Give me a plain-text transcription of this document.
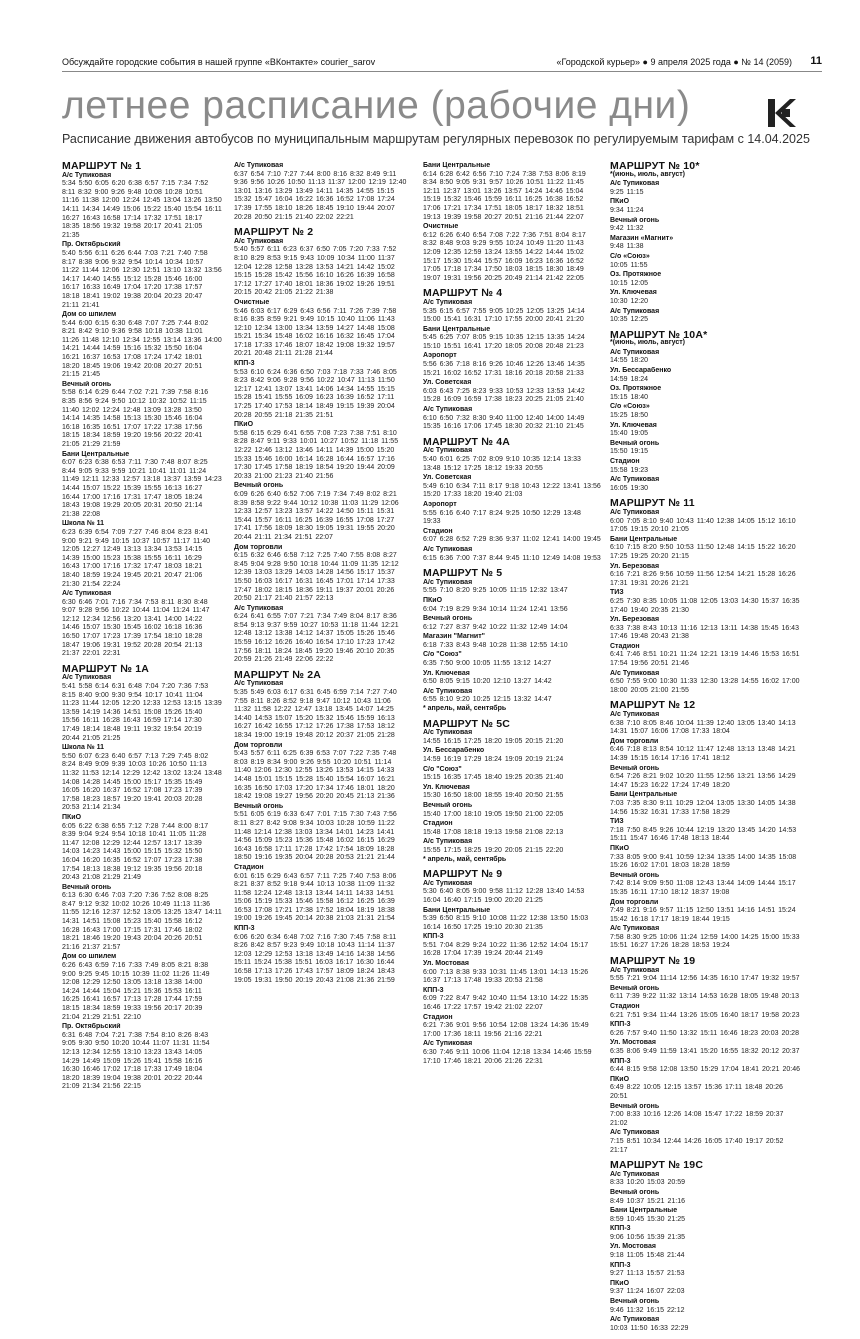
Обсуждайте городские события в нашей группе «ВКонтакте» courier_sarov	«Городской курьер» ● 9 апреля 2025 года ● № 14 (2059) 11
летнее расписание (рабочие дни)
Расписание движения автобусов по муниципальным маршрутам регулярных перевозок по регулируемым тарифам с 14.04.2025
МАРШРУТ № 1
А/с Тупиковая
5:34 5:50 6:05 6:20 6:38 6:57 7:15 7:34 7:52 8:11 8:32 9:00 9:26 9:48 10:08 10:28 10:51 11:16 11:38 12:00 12:24 12:45 13:04 13:26 13:50 14:11 14:34 14:49 15:06 15:22 15:40 15:54 16:11 16:27 16:43 16:58 17:14 17:32 17:51 18:17 18:35 18:56 19:32 19:58 20:17 20:41 21:05 21:35
Пр. Октябрьский
5:40 5:56 6:11 6:26 6:44 7:03 7:21 7:40 7:58 8:17 8:38 9:06 9:32 9:54 10:14 10:34 10:57 11:22 11:44 12:06 12:30 12:51 13:10 13:32 13:56 14:17 14:40 14:55 15:12 15:28 15:46 16:00 16:17 16:33 16:49 17:04 17:20 17:38 17:57 18:18 18:41 19:02 19:38 20:04 20:23 20:47 21:11 21:41
Дом со шпилем
5:44 6:00 6:15 6:30 6:48 7:07 7:25 7:44 8:02 8:21 8:42 9:10 9:36 9:58 10:18 10:38 11:01 11:26 11:48 12:10 12:34 12:55 13:14 13:36 14:00 14:21 14:44 14:59 15:16 15:32 15:50 16:04 16:21 16:37 16:53 17:08 17:24 17:42 18:01 18:20 18:45 19:06 19:42 20:08 20:27 20:51 21:15 21:45
Вечный огонь
5:58 6:14 6:29 6:44 7:02 7:21 7:39 7:58 8:16 8:35 8:56 9:24 9:50 10:12 10:32 10:52 11:15 11:40 12:02 12:24 12:48 13:09 13:28 13:50 14:14 14:35 14:58 15:13 15:30 15:46 16:04 16:18 16:35 16:51 17:07 17:22 17:38 17:56 18:15 18:34 18:59 19:20 19:56 20:22 20:41 21:05 21:29 21:59
Бани Центральные
6:07 6:23 6:38 6:53 7:11 7:30 7:48 8:07 8:25 8:44 9:05 9:33 9:59 10:21 10:41 11:01 11:24 11:49 12:11 12:33 12:57 13:18 13:37 13:59 14:23 14:44 15:07 15:22 15:39 15:55 16:13 16:27 16:44 17:00 17:16 17:31 17:47 18:05 18:24 18:43 19:08 19:29 20:05 20:31 20:50 21:14 21:38 22:08
Школа № 11
6:23 6:39 6:54 7:09 7:27 7:46 8:04 8:23 8:41 9:00 9:21 9:49 10:15 10:37 10:57 11:17 11:40 12:05 12:27 12:49 13:13 13:34 13:53 14:15 14:39 15:00 15:23 15:38 15:55 16:11 16:29 16:43 17:00 17:16 17:32 17:47 18:03 18:21 18:40 18:59 19:24 19:45 20:21 20:47 21:06 21:30 21:54 22:24
А/с Тупиковая
6:30 6:46 7:01 7:16 7:34 7:53 8:11 8:30 8:48 9:07 9:28 9:56 10:22 10:44 11:04 11:24 11:47 12:12 12:34 12:56 13:20 13:41 14:00 14:22 14:46 15:07 15:30 15:45 16:02 16:18 16:36 16:50 17:07 17:23 17:39 17:54 18:10 18:28 18:47 19:06 19:31 19:52 20:28 20:54 21:13 21:37 22:01 22:31
МАРШРУТ № 1А
А/с Тупиковая
5:41 5:58 6:14 6:31 6:48 7:04 7:20 7:36 7:53 8:15 8:40 9:00 9:30 9:54 10:17 10:41 11:04 11:23 11:44 12:05 12:20 12:33 12:53 13:15 13:39 13:59 14:19 14:36 14:51 15:08 15:26 15:40 15:56 16:11 16:28 16:43 16:59 17:14 17:30 17:49 18:14 18:48 19:11 19:32 19:54 20:19 20:44 21:05 21:25
Школа № 11
5:50 6:07 6:23 6:40 6:57 7:13 7:29 7:45 8:02 8:24 8:49 9:09 9:39 10:03 10:26 10:50 11:13 11:32 11:53 12:14 12:29 12:42 13:02 13:24 13:48 14:08 14:28 14:45 15:00 15:17 15:35 15:49 16:05 16:20 16:37 16:52 17:08 17:23 17:39 17:58 18:23 18:57 19:20 19:41 20:03 20:28 20:53 21:14 21:34
ПКиО
6:05 6:22 6:38 6:55 7:12 7:28 7:44 8:00 8:17 8:39 9:04 9:24 9:54 10:18 10:41 11:05 11:28 11:47 12:08 12:29 12:44 12:57 13:17 13:39 14:03 14:23 14:43 15:00 15:15 15:32 15:50 16:04 16:20 16:35 16:52 17:07 17:23 17:38 17:54 18:13 18:38 19:12 19:35 19:56 20:18 20:43 21:08 21:29 21:49
Вечный огонь
6:13 6:30 6:46 7:03 7:20 7:36 7:52 8:08 8:25 8:47 9:12 9:32 10:02 10:26 10:49 11:13 11:36 11:55 12:16 12:37 12:52 13:05 13:25 13:47 14:11 14:31 14:51 15:08 15:23 15:40 15:58 16:12 16:28 16:43 17:00 17:15 17:31 17:46 18:02 18:21 18:46 19:20 19:43 20:04 20:26 20:51 21:16 21:37 21:57
Дом со шпилем
6:26 6:43 6:59 7:16 7:33 7:49 8:05 8:21 8:38 9:00 9:25 9:45 10:15 10:39 11:02 11:26 11:49 12:08 12:29 12:50 13:05 13:18 13:38 14:00 14:24 14:44 15:04 15:21 15:36 15:53 16:11 16:25 16:41 16:57 17:13 17:28 17:44 17:59 18:15 18:34 18:59 19:33 19:56 20:17 20:39 21:04 21:29 21:51 22:10
Пр. Октябрьский
6:31 6:48 7:04 7:21 7:38 7:54 8:10 8:26 8:43 9:05 9:30 9:50 10:20 10:44 11:07 11:31 11:54 12:13 12:34 12:55 13:10 13:23 13:43 14:05 14:29 14:49 15:09 15:26 15:41 15:58 16:16 16:30 16:46 17:02 17:18 17:33 17:49 18:04 18:20 18:39 19:04 19:38 20:01 20:22 20:44 21:09 21:34 21:56 22:15
А/с Тупиковая
6:37 6:54 7:10 7:27 7:44 8:00 8:16 8:32 8:49 9:11 9:36 9:56 10:26 10:50 11:13 11:37 12:00 12:19 12:40 13:01 13:16 13:29 13:49 14:11 14:35 14:55 15:15 15:32 15:47 16:04 16:22 16:36 16:52 17:08 17:24 17:39 17:55 18:10 18:26 18:45 19:10 19:44 20:07 20:28 20:50 21:15 21:40 22:02 22:21
МАРШРУТ № 2
А/с Тупиковая
5:40 5:57 6:11 6:23 6:37 6:50 7:05 7:20 7:33 7:52 8:10 8:29 8:53 9:15 9:43 10:09 10:34 11:00 11:37 12:04 12:28 12:58 13:28 13:53 14:21 14:42 15:02 15:15 15:28 15:42 15:56 16:10 16:26 16:39 16:58 17:12 17:27 17:40 18:01 18:36 19:02 19:26 19:51 20:15 20:42 21:05 21:22 21:38
Очистные
5:46 6:03 6:17 6:29 6:43 6:56 7:11 7:26 7:39 7:58 8:16 8:35 8:59 9:21 9:49 10:15 10:40 11:06 11:43 12:10 12:34 13:00 13:34 13:59 14:27 14:48 15:08 15:21 15:34 15:48 16:02 16:16 16:32 16:45 17:04 17:18 17:33 17:46 18:07 18:42 19:08 19:32 19:57 20:21 20:48 21:11 21:28 21:44
КПП-3
5:53 6:10 6:24 6:36 6:50 7:03 7:18 7:33 7:46 8:05 8:23 8:42 9:06 9:28 9:56 10:22 10:47 11:13 11:50 12:17 12:41 13:07 13:41 14:06 14:34 14:55 15:15 15:28 15:41 15:55 16:09 16:23 16:39 16:52 17:11 17:25 17:40 17:53 18:14 18:49 19:15 19:39 20:04 20:28 20:55 21:18 21:35 21:51
ПКиО
5:58 6:15 6:29 6:41 6:55 7:08 7:23 7:38 7:51 8:10 8:28 8:47 9:11 9:33 10:01 10:27 10:52 11:18 11:55 12:22 12:46 13:12 13:46 14:11 14:39 15:00 15:20 15:33 15:46 16:00 16:14 16:28 16:44 16:57 17:16 17:30 17:45 17:58 18:19 18:54 19:20 19:44 20:09 20:33 21:00 21:23 21:40 21:56
Вечный огонь
6:09 6:26 6:40 6:52 7:06 7:19 7:34 7:49 8:02 8:21 8:39 8:58 9:22 9:44 10:12 10:38 11:03 11:29 12:06 12:33 12:57 13:23 13:57 14:22 14:50 15:11 15:31 15:44 15:57 16:11 16:25 16:39 16:55 17:08 17:27 17:41 17:56 18:09 18:30 19:05 19:31 19:55 20:20 20:44 21:11 21:34 21:51 22:07
Дом торговли
6:15 6:32 6:46 6:58 7:12 7:25 7:40 7:55 8:08 8:27 8:45 9:04 9:28 9:50 10:18 10:44 11:09 11:35 12:12 12:39 13:03 13:29 14:03 14:28 14:56 15:17 15:37 15:50 16:03 16:17 16:31 16:45 17:01 17:14 17:33 17:47 18:02 18:15 18:36 19:11 19:37 20:01 20:26 20:50 21:17 21:40 21:57 22:13
А/с Тупиковая
6:24 6:41 6:55 7:07 7:21 7:34 7:49 8:04 8:17 8:36 8:54 9:13 9:37 9:59 10:27 10:53 11:18 11:44 12:21 12:48 13:12 13:38 14:12 14:37 15:05 15:26 15:46 15:59 16:12 16:26 16:40 16:54 17:10 17:23 17:42 17:56 18:11 18:24 18:45 19:20 19:46 20:10 20:35 20:59 21:26 21:49 22:06 22:22
МАРШРУТ № 2А
А/с Тупиковая
5:35 5:49 6:03 6:17 6:31 6:45 6:59 7:14 7:27 7:40 7:55 8:11 8:26 8:52 9:18 9:47 10:12 10:43 11:06 11:32 11:58 12:22 12:47 13:18 13:45 14:07 14:25 14:40 14:53 15:07 15:20 15:32 15:46 15:59 16:13 16:27 16:42 16:55 17:12 17:26 17:38 17:53 18:12 18:34 19:00 19:19 19:48 20:12 20:37 21:05 21:28
Дом торговли
5:43 5:57 6:11 6:25 6:39 6:53 7:07 7:22 7:35 7:48 8:03 8:19 8:34 9:00 9:26 9:55 10:20 10:51 11:14 11:40 12:06 12:30 12:55 13:26 13:53 14:15 14:33 14:48 15:01 15:15 15:28 15:40 15:54 16:07 16:21 16:35 16:50 17:03 17:20 17:34 17:46 18:01 18:20 18:42 19:08 19:27 19:56 20:20 20:45 21:13 21:36
Вечный огонь
5:51 6:05 6:19 6:33 6:47 7:01 7:15 7:30 7:43 7:56 8:11 8:27 8:42 9:08 9:34 10:03 10:28 10:59 11:22 11:48 12:14 12:38 13:03 13:34 14:01 14:23 14:41 14:56 15:09 15:23 15:36 15:48 16:02 16:15 16:29 16:43 16:58 17:11 17:28 17:42 17:54 18:09 18:28 18:50 19:16 19:35 20:04 20:28 20:53 21:21 21:44
Стадион
6:01 6:15 6:29 6:43 6:57 7:11 7:25 7:40 7:53 8:06 8:21 8:37 8:52 9:18 9:44 10:13 10:38 11:09 11:32 11:58 12:24 12:48 13:13 13:44 14:11 14:33 14:51 15:06 15:19 15:33 15:46 15:58 16:12 16:25 16:39 16:53 17:08 17:21 17:38 17:52 18:04 18:19 18:38 19:00 19:26 19:45 20:14 20:38 21:03 21:31 21:54
КПП-3
6:06 6:20 6:34 6:48 7:02 7:16 7:30 7:45 7:58 8:11 8:26 8:42 8:57 9:23 9:49 10:18 10:43 11:14 11:37 12:03 12:29 12:53 13:18 13:49 14:16 14:38 14:56 15:11 15:24 15:38 15:51 16:03 16:17 16:30 16:44 16:58 17:13 17:26 17:43 17:57 18:09 18:24 18:43 19:05 19:31 19:50 20:19 20:43 21:08 21:36 21:59
Бани Центральные
6:14 6:28 6:42 6:56 7:10 7:24 7:38 7:53 8:06 8:19 8:34 8:50 9:05 9:31 9:57 10:26 10:51 11:22 11:45 12:11 12:37 13:01 13:26 13:57 14:24 14:46 15:04 15:19 15:32 15:46 15:59 16:11 16:25 16:38 16:52 17:06 17:21 17:34 17:51 18:05 18:17 18:32 18:51 19:13 19:39 19:58 20:27 20:51 21:16 21:44 22:07
Очистные
6:12 6:26 6:40 6:54 7:08 7:22 7:36 7:51 8:04 8:17 8:32 8:48 9:03 9:29 9:55 10:24 10:49 11:20 11:43 12:09 12:35 12:59 13:24 13:55 14:22 14:44 15:02 15:17 15:30 15:44 15:57 16:09 16:23 16:36 16:52 17:05 17:18 17:34 17:50 18:03 18:15 18:30 18:49 19:07 19:31 19:56 20:25 20:49 21:14 21:42 22:05
МАРШРУТ № 4
А/с Тупиковая
5:35 6:15 6:57 7:55 9:05 10:25 12:05 13:25 14:14 15:00 15:41 16:31 17:10 17:55 20:00 20:41 21:20
Бани Центральные
5:45 6:25 7:07 8:05 9:15 10:35 12:15 13:35 14:24 15:10 15:51 16:41 17:20 18:05 20:08 20:48 21:23
Аэропорт
5:56 6:36 7:18 8:16 9:26 10:46 12:26 13:46 14:35 15:21 16:02 16:52 17:31 18:16 20:18 20:58 21:33
Ул. Советская
6:03 6:43 7:25 8:23 9:33 10:53 12:33 13:53 14:42 15:28 16:09 16:59 17:38 18:23 20:25 21:05 21:40
А/с Тупиковая
6:10 6:50 7:32 8:30 9:40 11:00 12:40 14:00 14:49 15:35 16:16 17:06 17:45 18:30 20:32 21:10 21:45
МАРШРУТ № 4А
А/с Тупиковая
5:40 6:01 6:25 7:02 8:09 9:10 10:35 12:14 13:33 13:48 15:12 17:25 18:12 19:33 20:55
Ул. Советская
5:49 6:10 6:34 7:11 8:17 9:18 10:43 12:22 13:41 13:56 15:20 17:33 18:20 19:40 21:03
Аэропорт
5:55 6:16 6:40 7:17 8:24 9:25 10:50 12:29 13:48 19:33
Стадион
6:07 6:28 6:52 7:29 8:36 9:37 11:02 12:41 14:00 19:45
А/с Тупиковая
6:15 6:36 7:00 7:37 8:44 9:45 11:10 12:49 14:08 19:53
МАРШРУТ № 5
А/с Тупиковая
5:55 7:10 8:20 9:25 10:05 11:15 12:32 13:47
ПКиО
6:04 7:19 8:29 9:34 10:14 11:24 12:41 13:56
Вечный огонь
6:12 7:27 8:37 9:42 10:22 11:32 12:49 14:04
Магазин "Магнит"
6:18 7:33 8:43 9:48 10:28 11:38 12:55 14:10
С/о "Союз"
6:35 7:50 9:00 10:05 11:55 13:12 14:27
Ул. Ключевая
6:50 8:05 9:15 10:20 12:10 13:27 14:42
А/с Тупиковая
6:55 8:10 9:20 10:25 12:15 13:32 14:47
* апрель, май, сентябрь
МАРШРУТ № 5С
А/с Тупиковая
14:55 16:15 17:25 18:20 19:05 20:15 21:20
Ул. Бессарабенко
14:59 16:19 17:29 18:24 19:09 20:19 21:24
С/о "Союз"
15:15 16:35 17:45 18:40 19:25 20:35 21:40
Ул. Ключевая
15:30 16:50 18:00 18:55 19:40 20:50 21:55
Вечный огонь
15:40 17:00 18:10 19:05 19:50 21:00 22:05
Стадион
15:48 17:08 18:18 19:13 19:58 21:08 22:13
А/с Тупиковая
15:55 17:15 18:25 19:20 20:05 21:15 22:20
* апрель, май, сентябрь
МАРШРУТ № 9
А/с Тупиковая
5:30 6:40 8:05 9:00 9:58 11:12 12:28 13:40 14:53 16:04 16:40 17:15 19:00 20:20 21:25
Бани Центральные
5:39 6:50 8:15 9:10 10:08 11:22 12:38 13:50 15:03 16:14 16:50 17:25 19:10 20:30 21:35
КПП-3
5:51 7:04 8:29 9:24 10:22 11:36 12:52 14:04 15:17 16:28 17:04 17:39 19:24 20:44 21:49
Ул. Мостовая
6:00 7:13 8:38 9:33 10:31 11:45 13:01 14:13 15:26 16:37 17:13 17:48 19:33 20:53 21:58
КПП-3
6:09 7:22 8:47 9:42 10:40 11:54 13:10 14:22 15:35 16:46 17:22 17:57 19:42 21:02 22:07
Стадион
6:21 7:36 9:01 9:56 10:54 12:08 13:24 14:36 15:49 17:00 17:36 18:11 19:56 21:16 22:21
А/с Тупиковая
6:30 7:46 9:11 10:06 11:04 12:18 13:34 14:46 15:59 17:10 17:46 18:21 20:06 21:26 22:31
МАРШРУТ № 10*
*(июнь, июль, август)
А/с Тупиковая
9:25 11:15
ПКиО
9:34 11:24
Вечный огонь
9:42 11:32
Магазин «Магнит»
9:48 11:38
С/о «Союз»
10:05 11:55
Оз. Протяжное
10:15 12:05
Ул. Ключевая
10:30 12:20
А/с Тупиковая
10:35 12:25
МАРШРУТ № 10А*
*(июнь, июль, август)
А/с Тупиковая
14:55 18:20
Ул. Бессарабенко
14:59 18:24
Оз. Протяжное
15:15 18:40
С/о «Союз»
15:25 18:50
Ул. Ключевая
15:40 19:05
Вечный огонь
15:50 19:15
Стадион
15:58 19:23
А/с Тупиковая
16:05 19:30
МАРШРУТ № 11
А/с Тупиковая
6:00 7:05 8:10 9:40 10:43 11:40 12:38 14:05 15:12 16:10 17:05 19:15 20:10 21:05
Бани Центральные
6:10 7:15 8:20 9:50 10:53 11:50 12:48 14:15 15:22 16:20 17:25 19:25 20:20 21:15
Ул. Березовая
6:16 7:21 8:26 9:56 10:59 11:56 12:54 14:21 15:28 16:26 17:31 19:31 20:26 21:21
ТИЗ
6:25 7:30 8:35 10:05 11:08 12:05 13:03 14:30 15:37 16:35 17:40 19:40 20:35 21:30
Ул. Березовая
6:33 7:38 8:43 10:13 11:16 12:13 13:11 14:38 15:45 16:43 17:46 19:48 20:43 21:38
Стадион
6:41 7:46 8:51 10:21 11:24 12:21 13:19 14:46 15:53 16:51 17:54 19:56 20:51 21:46
А/с Тупиковая
6:50 7:55 9:00 10:30 11:33 12:30 13:28 14:55 16:02 17:00 18:00 20:05 21:00 21:55
МАРШРУТ № 12
А/с Тупиковая
6:38 7:10 8:05 8:46 10:04 11:39 12:40 13:05 13:40 14:13 14:31 15:07 16:06 17:08 17:33 18:04
Дом торговли
6:46 7:18 8:13 8:54 10:12 11:47 12:48 13:13 13:48 14:21 14:39 15:15 16:14 17:16 17:41 18:12
Вечный огонь
6:54 7:26 8:21 9:02 10:20 11:55 12:56 13:21 13:56 14:29 14:47 15:23 16:22 17:24 17:49 18:20
Бани Центральные
7:03 7:35 8:30 9:11 10:29 12:04 13:05 13:30 14:05 14:38 14:56 15:32 16:31 17:33 17:58 18:29
ТИЗ
7:18 7:50 8:45 9:26 10:44 12:19 13:20 13:45 14:20 14:53 15:11 15:47 16:46 17:48 18:13 18:44
ПКиО
7:33 8:05 9:00 9:41 10:59 12:34 13:35 14:00 14:35 15:08 15:26 16:02 17:01 18:03 18:28 18:59
Вечный огонь
7:42 8:14 9:09 9:50 11:08 12:43 13:44 14:09 14:44 15:17 15:35 16:11 17:10 18:12 18:37 19:08
Дом торговли
7:49 8:21 9:16 9:57 11:15 12:50 13:51 14:16 14:51 15:24 15:42 16:18 17:17 18:19 18:44 19:15
А/с Тупиковая
7:58 8:30 9:25 10:06 11:24 12:59 14:00 14:25 15:00 15:33 15:51 16:27 17:26 18:28 18:53 19:24
МАРШРУТ № 19
А/с Тупиковая
5:55 7:21 9:04 11:14 12:56 14:35 16:10 17:47 19:32 19:57
Вечный огонь
6:11 7:39 9:22 11:32 13:14 14:53 16:28 18:05 19:48 20:13
Стадион
6:21 7:51 9:34 11:44 13:26 15:05 16:40 18:17 19:58 20:23
КПП-3
6:26 7:57 9:40 11:50 13:32 15:11 16:46 18:23 20:03 20:28
Ул. Мостовая
6:35 8:06 9:49 11:59 13:41 15:20 16:55 18:32 20:12 20:37
КПП-3
6:44 8:15 9:58 12:08 13:50 15:29 17:04 18:41 20:21 20:46
ПКиО
6:49 8:22 10:05 12:15 13:57 15:36 17:11 18:48 20:26 20:51
Вечный огонь
7:00 8:33 10:16 12:26 14:08 15:47 17:22 18:59 20:37 21:02
А/с Тупиковая
7:15 8:51 10:34 12:44 14:26 16:05 17:40 19:17 20:52 21:17
МАРШРУТ № 19С
А/с Тупиковая
8:33 10:20 15:03 20:59
Вечный огонь
8:49 10:37 15:21 21:16
Бани Центральные
8:59 10:45 15:30 21:25
КПП-3
9:06 10:56 15:39 21:35
Ул. Мостовая
9:18 11:05 15:48 21:44
КПП-3
9:27 11:13 15:57 21:53
ПКиО
9:37 11:24 16:07 22:03
Вечный огонь
9:46 11:32 16:15 22:12
А/с Тупиковая
10:03 11:50 16:33 22:29
